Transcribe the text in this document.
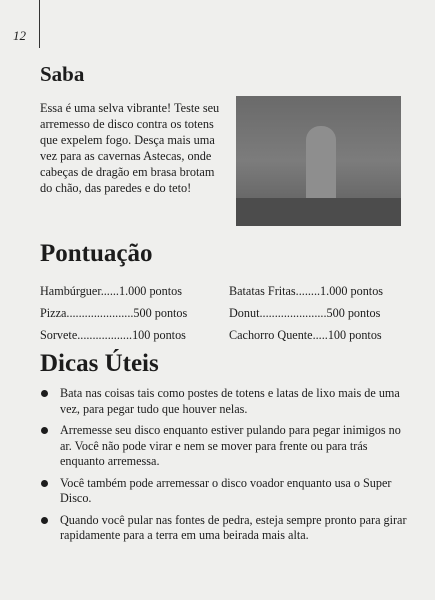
12
Saba

Essa é uma selva vibrante! Teste seu arremesso de disco contra os totens que expelem fogo. Desça mais uma vez para as cavernas Astecas, onde cabeças de dragão em brasa brotam do chão, das paredes e do teto!

Pontuação
Hambúrguer......1.000 pontos
Pizza......................500 pontos
Sorvete..................100 pontos
Batatas Fritas........1.000 pontos
Donut......................500 pontos
Cachorro Quente.....100 pontos
Dicas Úteis
Bata nas coisas tais como postes de totens e latas de lixo mais de uma vez, para pegar tudo que houver nelas.
Arremesse seu disco enquanto estiver pulando para pegar inimigos no ar. Você não pode virar e nem se mover para frente ou para trás enquanto arremessa.
Você também pode arremessar o disco voador enquanto usa o Super Disco.
Quando você pular nas fontes de pedra, esteja sempre pronto para girar rapidamente para a terra em uma beirada mais alta.
